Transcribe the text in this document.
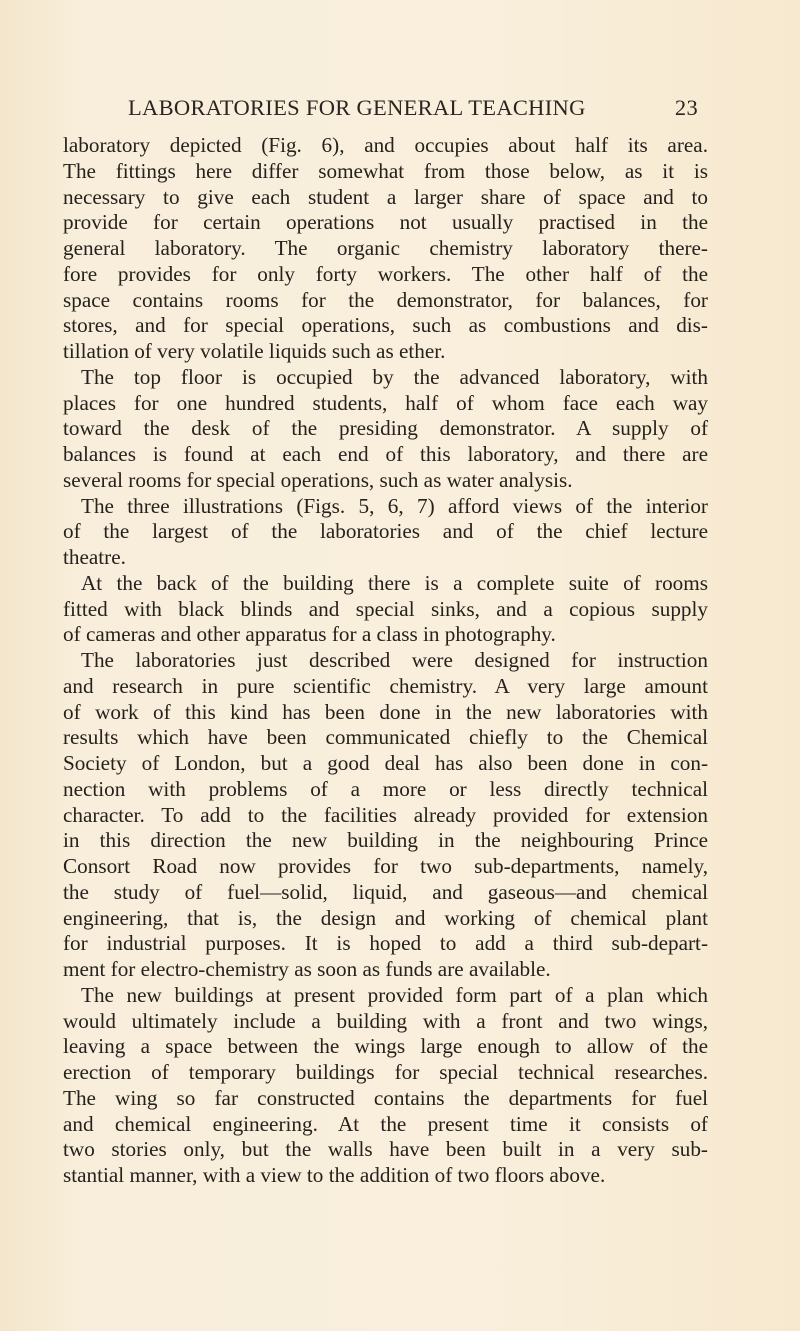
LABORATORIES FOR GENERAL TEACHING	23
laboratory depicted (Fig. 6), and occupies about half its area.
The fittings here differ somewhat from those below, as it is
necessary to give each student a larger share of space and to
provide for certain operations not usually practised in the
general laboratory. The organic chemistry laboratory there-
fore provides for only forty workers. The other half of the
space contains rooms for the demonstrator, for balances, for
stores, and for special operations, such as combustions and dis-
tillation of very volatile liquids such as ether.
The top floor is occupied by the advanced laboratory, with
places for one hundred students, half of whom face each way
toward the desk of the presiding demonstrator. A supply of
balances is found at each end of this laboratory, and there are
several rooms for special operations, such as water analysis.
The three illustrations (Figs. 5, 6, 7) afford views of the interior
of the largest of the laboratories and of the chief lecture
theatre.
At the back of the building there is a complete suite of rooms
fitted with black blinds and special sinks, and a copious supply
of cameras and other apparatus for a class in photography.
The laboratories just described were designed for instruction
and research in pure scientific chemistry. A very large amount
of work of this kind has been done in the new laboratories with
results which have been communicated chiefly to the Chemical
Society of London, but a good deal has also been done in con-
nection with problems of a more or less directly technical
character. To add to the facilities already provided for extension
in this direction the new building in the neighbouring Prince
Consort Road now provides for two sub-departments, namely,
the study of fuel—solid, liquid, and gaseous—and chemical
engineering, that is, the design and working of chemical plant
for industrial purposes. It is hoped to add a third sub-depart-
ment for electro-chemistry as soon as funds are available.
The new buildings at present provided form part of a plan which
would ultimately include a building with a front and two wings,
leaving a space between the wings large enough to allow of the
erection of temporary buildings for special technical researches.
The wing so far constructed contains the departments for fuel
and chemical engineering. At the present time it consists of
two stories only, but the walls have been built in a very sub-
stantial manner, with a view to the addition of two floors above.
